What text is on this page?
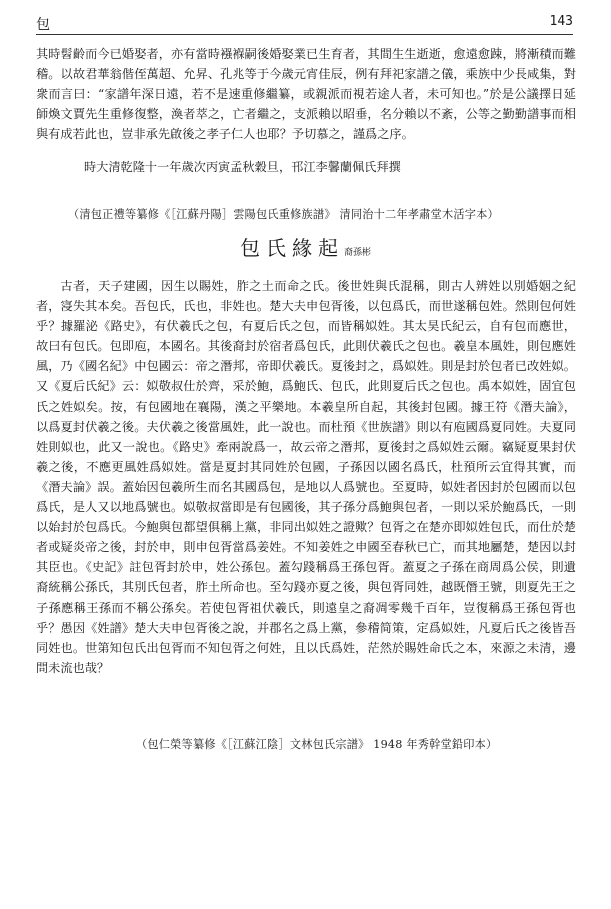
包	143

其時髫齡而今已婚娶者，亦有當時襁褓嗣後婚娶業已生育者，其間生生逝逝，愈遠愈踈，將漸積而難稽。以故君華翁偕侄萬超、允昇、孔兆等于今歲元宵佳辰，例有拜祀家譜之儀，乘族中少長咸集，對衆而言曰：“家譜年深日遠，若不是速重修繼纂，或親派而視若途人者，未可知也。”於是公議擇日延師煥文賈先生重修復整，渙者萃之，亡者繼之，支派賴以昭垂，名分賴以不紊，公等之勤勤譜事而相與有成若此也，豈非承先啟後之孝子仁人也耶？予切慕之，謹爲之序。

時大清乾隆十一年歲次丙寅孟秋穀旦，邗江李馨蘭佩氏拜撰
（清包正禮等纂修《［江蘇丹陽］雲陽包氏重修族譜》 清同治十二年孝肅堂木活字本）
包氏緣起裔孫彬

古者，天子建國，因生以賜姓，胙之土而命之氏。後世姓與氏混稱，則古人辨姓以別婚姻之紀者，寖失其本矣。吾包氏，氏也，非姓也。楚大夫申包胥後，以包爲氏，而世遂稱包姓。然則包何姓乎？據羅泌《路史》，有伏羲氏之包，有夏后氏之包，而皆稱姒姓。其太昊氏紀云，自有包而應世，故曰有包氏。包即庖，本國名。其後裔封於宿者爲包氏，此則伏羲氏之包也。羲皇本風姓，則包應姓風，乃《國名紀》中包國云：帝之潛邦，帝即伏羲氏。夏後封之，爲姒姓。則是封於包者已改姓姒。又《夏后氏紀》云：姒敬叔仕於齊，采於鮑，爲鮑氏、包氏，此則夏后氏之包也。禹本姒姓，固宜包氏之姓姒矣。按，有包國地在襄陽，漢之平樂地。本羲皇所自起，其後封包國。據王符《潛夫論》，以爲夏封伏羲之後。夫伏羲之後當風姓，此一說也。而杜預《世族譜》則以有庖國爲夏同姓。夫夏同姓則姒也，此又一說也。《路史》牽兩說爲一，故云帝之潛邦，夏後封之爲姒姓云爾。竊疑夏果封伏羲之後，不應更風姓爲姒姓。當是夏封其同姓於包國，子孫因以國名爲氏，杜預所云宜得其實，而《潛夫論》誤。蓋始因包羲所生而名其國爲包，是地以人爲號也。至夏時，姒姓者因封於包國而以包爲氏，是人又以地爲號也。姒敬叔當即是有包國後，其子孫分爲鮑與包者，一則以采於鮑爲氏，一則以始封於包爲氏。今鮑與包都望俱稱上黨，非同出姒姓之證歟？包胥之在楚亦即姒姓包氏，而仕於楚者或疑炎帝之後，封於申，則申包胥當爲姜姓。不知姜姓之申國至春秋已亡，而其地屬楚，楚因以封其臣也。《史記》註包胥封於申，姓公孫包。蓋勾踐稱爲王孫包胥。蓋夏之子孫在商周爲公侯，則遺裔統稱公孫氏，其別氏包者，胙土所命也。至勾踐亦夏之後，與包胥同姓，越既僭王號，則夏先王之子孫應稱王孫而不稱公孫矣。若使包胥祖伏羲氏，則遠皇之裔凋零幾千百年，豈復稱爲王孫包胥也乎？愚因《姓譜》楚大夫申包胥後之說，并郡名之爲上黨，參稽简策，定爲姒姓，凡夏后氏之後皆吾同姓也。世第知包氏出包胥而不知包胥之何姓，且以氏爲姓，茫然於賜姓命氏之本，來源之未清，邊問未流也哉？

（包仁榮等纂修《［江蘇江陰］文林包氏宗譜》 1948 年秀幹堂鉛印本）
